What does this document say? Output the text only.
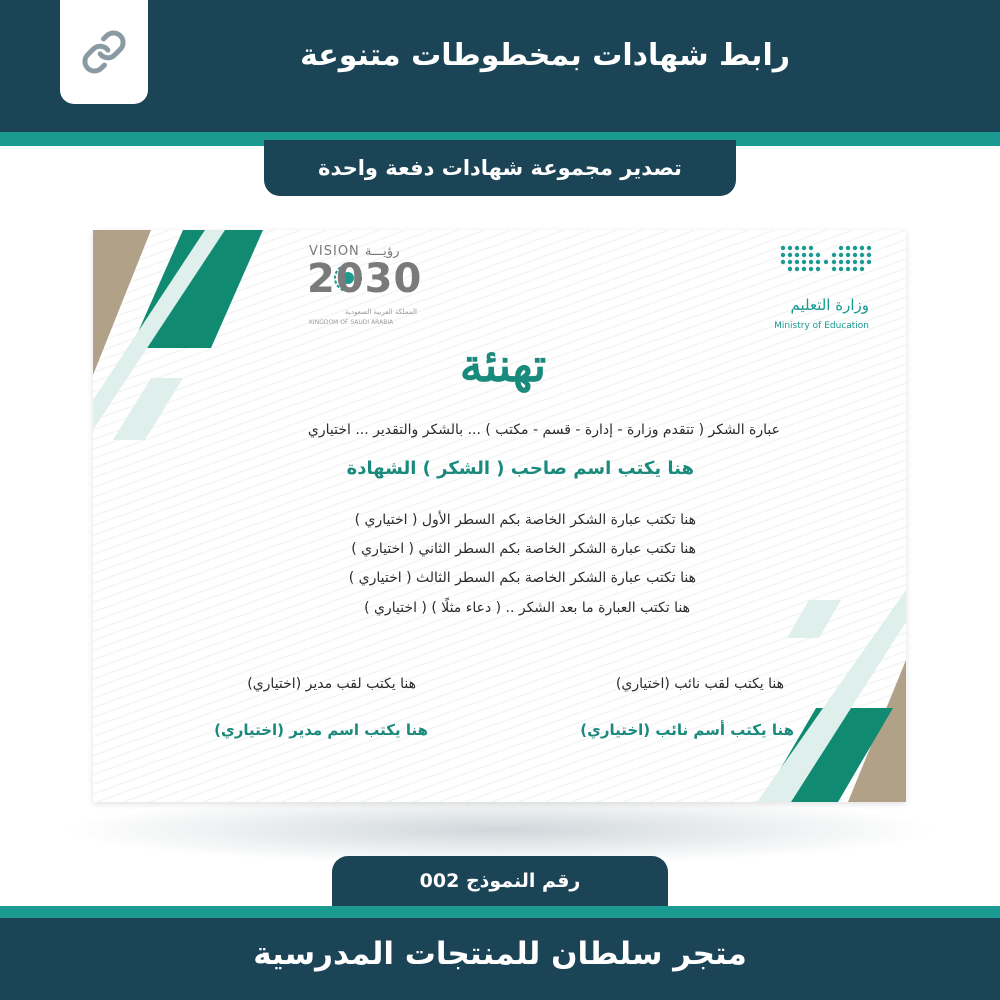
رابط شهادات بمخطوطات متنوعة
تصدير مجموعة شهادات دفعة واحدة
VISION رؤيـــة
2030
المملكة العربية السعودية
KINGDOM OF SAUDI ARABIA
وزارة التعليم
Ministry of Education
تهنئة
عبارة الشكر ( تتقدم وزارة - إدارة - قسم - مكتب ) ... بالشكر والتقدير ... اختياري
هنا يكتب اسم صاحب ( الشكر ) الشهادة
هنا تكتب عبارة الشكر الخاصة بكم السطر الأول ( اختياري )
هنا تكتب عبارة الشكر الخاصة بكم السطر الثاني ( اختياري )
هنا تكتب عبارة الشكر الخاصة بكم السطر الثالث ( اختياري )
هنا تكتب العبارة ما بعد الشكر .. ( دعاء مثلًا ) ( اختياري )
هنا يكتب لقب نائب (اختياري)
هنا يكتب لقب مدير (اختياري)
هنا يكتب أسم نائب (اختياري)
هنا يكتب اسم مدير (اختياري)
رقم النموذج 002
متجر سلطان للمنتجات المدرسية
